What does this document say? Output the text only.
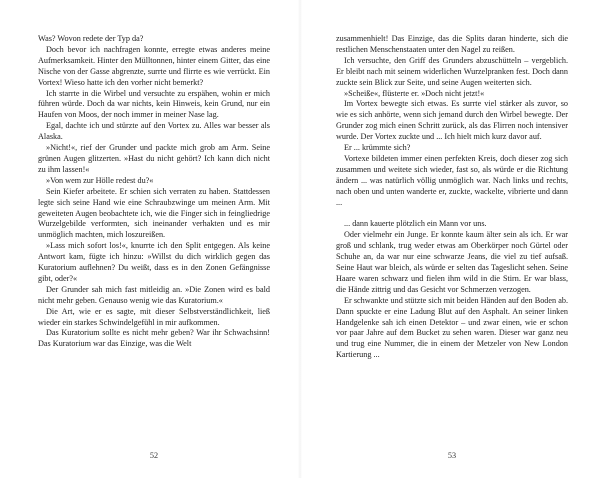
Was? Wovon redete der Typ da?

Doch bevor ich nachfragen konnte, erregte etwas anderes meine Aufmerksamkeit. Hinter den Mülltonnen, hinter einem Gitter, das eine Nische von der Gasse abgrenzte, surrte und flirrte es wie verrückt. Ein Vortex! Wieso hatte ich den vorher nicht bemerkt?

Ich starrte in die Wirbel und versuchte zu erspähen, wohin er mich führen würde. Doch da war nichts, kein Hinweis, kein Grund, nur ein Haufen von Moos, der noch immer in meiner Nase lag.

Egal, dachte ich und stürzte auf den Vortex zu. Alles war besser als Alaska.

»Nicht!«, rief der Grunder und packte mich grob am Arm. Seine grünen Augen glitzerten. »Hast du nicht gehört? Ich kann dich nicht zu ihm lassen!«

»Von wem zur Hölle redest du?«

Sein Kiefer arbeitete. Er schien sich verraten zu haben. Stattdessen legte sich seine Hand wie eine Schraubzwinge um meinen Arm. Mit geweiteten Augen beobachtete ich, wie die Finger sich in feingliedrige Wurzelgebilde verformten, sich ineinander verhakten und es mir unmöglich machten, mich loszureißen.

»Lass mich sofort los!«, knurrte ich den Split entgegen. Als keine Antwort kam, fügte ich hinzu: »Willst du dich wirklich gegen das Kuratorium auflehnen? Du weißt, dass es in den Zonen Gefängnisse gibt, oder?«

Der Grunder sah mich fast mitleidig an. »Die Zonen wird es bald nicht mehr geben. Genauso wenig wie das Kuratorium.«

Die Art, wie er es sagte, mit dieser Selbstverständlichkeit, ließ wieder ein starkes Schwindelgefühl in mir aufkommen.

Das Kuratorium sollte es nicht mehr geben? War ihr Schwachsinn! Das Kuratorium war das Einzige, was die Welt

zusammenhielt! Das Einzige, das die Splits daran hinderte, sich die restlichen Menschenstaaten unter den Nagel zu reißen.

Ich versuchte, den Griff des Grunders abzuschütteln – vergeblich. Er bleibt nach mit seinem widerlichen Wurzelpranken fest. Doch dann zuckte sein Blick zur Seite, und seine Augen weiterten sich.

»Scheiße«, flüsterte er. »Doch nicht jetzt!«

Im Vortex bewegte sich etwas. Es surrte viel stärker als zuvor, so wie es sich anhörte, wenn sich jemand durch den Wirbel bewegte. Der Grunder zog mich einen Schritt zurück, als das Flirren noch intensiver wurde. Der Vortex zuckte und ... Ich hielt mich kurz davor auf.

Er ... krümmte sich?

Vortexe bildeten immer einen perfekten Kreis, doch dieser zog sich zusammen und weitete sich wieder, fast so, als würde er die Richtung ändern ... was natürlich völlig unmöglich war. Nach links und rechts, nach oben und unten wanderte er, zuckte, wackelte, vibrierte und dann ...

... dann kauerte plötzlich ein Mann vor uns.

Oder vielmehr ein Junge. Er konnte kaum älter sein als ich. Er war groß und schlank, trug weder etwas am Oberkörper noch Gürtel oder Schuhe an, da war nur eine schwarze Jeans, die viel zu tief aufsaß. Seine Haut war bleich, als würde er selten das Tageslicht sehen. Seine Haare waren schwarz und fielen ihm wild in die Stirn. Er war blass, die Hände zittrig und das Gesicht vor Schmerzen verzogen.

Er schwankte und stützte sich mit beiden Händen auf den Boden ab. Dann spuckte er eine Ladung Blut auf den Asphalt. An seiner linken Handgelenke sah ich einen Detektor – und zwar einen, wie er schon vor paar Jahre auf dem Bucket zu sehen waren. Dieser war ganz neu und trug eine Nummer, die in einem der Metzeler von New London Kartierung ...

52	53
